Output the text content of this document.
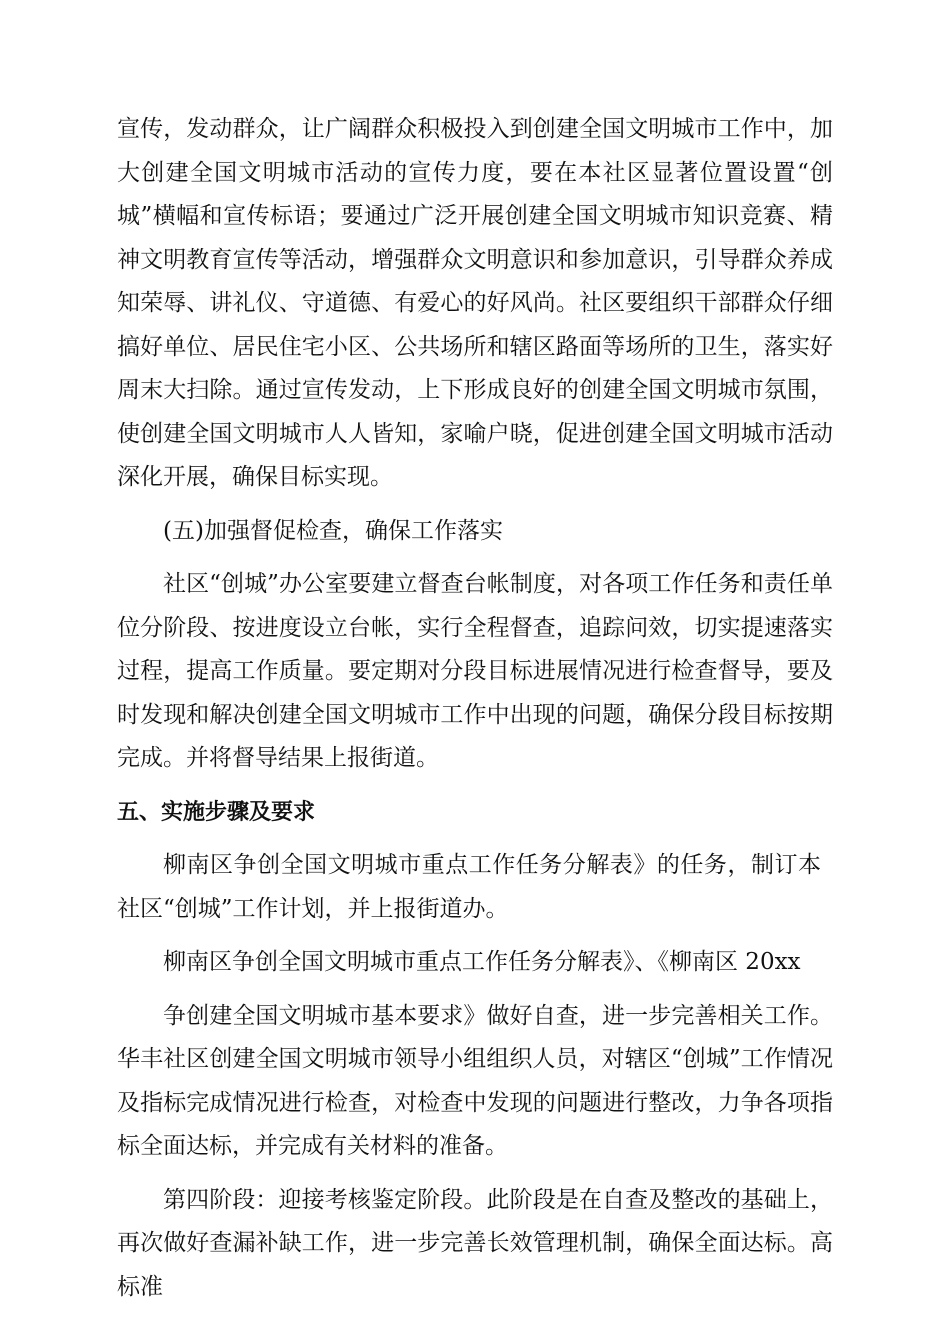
宣传，发动群众，让广阔群众积极投入到创建全国文明城市工作中，加大创建全国文明城市活动的宣传力度，要在本社区显著位置设置“创城”横幅和宣传标语；要通过广泛开展创建全国文明城市知识竞赛、精神文明教育宣传等活动，增强群众文明意识和参加意识，引导群众养成知荣辱、讲礼仪、守道德、有爱心的好风尚。社区要组织干部群众仔细搞好单位、居民住宅小区、公共场所和辖区路面等场所的卫生，落实好周末大扫除。通过宣传发动，上下形成良好的创建全国文明城市氛围，使创建全国文明城市人人皆知，家喻户晓，促进创建全国文明城市活动深化开展，确保目标实现。

(五)加强督促检查，确保工作落实

社区“创城”办公室要建立督查台帐制度，对各项工作任务和责任单位分阶段、按进度设立台帐，实行全程督查，追踪问效，切实提速落实过程，提高工作质量。要定期对分段目标进展情况进行检查督导，要及时发现和解决创建全国文明城市工作中出现的问题，确保分段目标按期完成。并将督导结果上报街道。

五、实施步骤及要求

柳南区争创全国文明城市重点工作任务分解表》的任务，制订本社区“创城”工作计划，并上报街道办。

柳南区争创全国文明城市重点工作任务分解表》、《柳南区 20xx

争创建全国文明城市基本要求》做好自查，进一步完善相关工作。华丰社区创建全国文明城市领导小组组织人员，对辖区“创城”工作情况及指标完成情况进行检查，对检查中发现的问题进行整改，力争各项指标全面达标，并完成有关材料的准备。

第四阶段：迎接考核鉴定阶段。此阶段是在自查及整改的基础上，再次做好查漏补缺工作，进一步完善长效管理机制，确保全面达标。高标准
